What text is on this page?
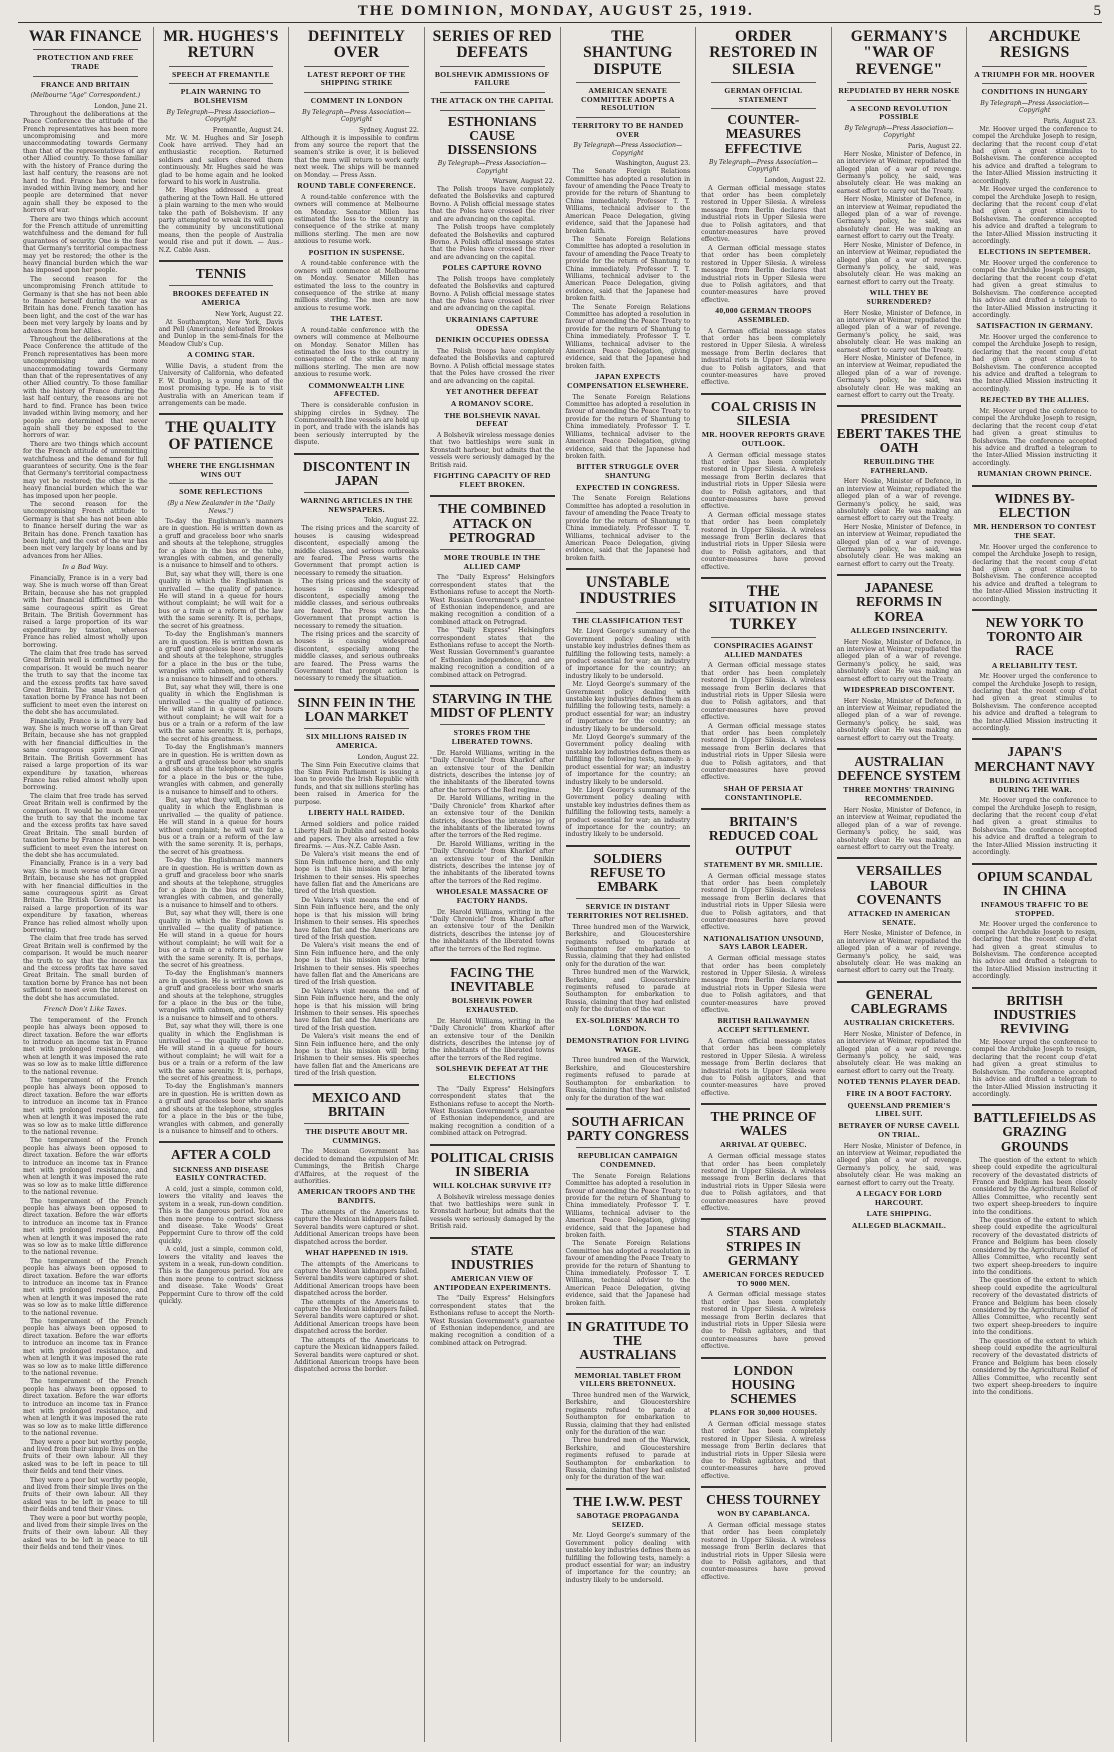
THE DOMINION, MONDAY, AUGUST 25, 1919.	5
WAR FINANCE
PROTECTION AND FREE TRADE
FRANCE AND BRITAIN
(Melbourne "Age" Correspondent.)
London, June 21.

Throughout the deliberations at the Peace Conference the attitude of the French representatives has been more uncompromising and more unaccommodating towards Germany than that of the representatives of any other Allied country. To those familiar with the history of France during the last half century, the reasons are not hard to find. France has been twice invaded within living memory, and her people are determined that never again shall they be exposed to the horrors of war.

There are two things which account for the French attitude of unremitting watchfulness and the demand for full guarantees of security. One is the fear that Germany's territorial compactness may yet be restored; the other is the heavy financial burden which the war has imposed upon her people.

The second reason for the uncompromising French attitude to Germany is that she has not been able to finance herself during the war as Britain has done. French taxation has been light, and the cost of the war has been met very largely by loans and by advances from her Allies.

Throughout the deliberations at the Peace Conference the attitude of the French representatives has been more uncompromising and more unaccommodating towards Germany than that of the representatives of any other Allied country. To those familiar with the history of France during the last half century, the reasons are not hard to find. France has been twice invaded within living memory, and her people are determined that never again shall they be exposed to the horrors of war.

There are two things which account for the French attitude of unremitting watchfulness and the demand for full guarantees of security. One is the fear that Germany's territorial compactness may yet be restored; the other is the heavy financial burden which the war has imposed upon her people.

The second reason for the uncompromising French attitude to Germany is that she has not been able to finance herself during the war as Britain has done. French taxation has been light, and the cost of the war has been met very largely by loans and by advances from her Allies.

In a Bad Way.

Financially, France is in a very bad way. She is much worse off than Great Britain, because she has not grappled with her financial difficulties in the same courageous spirit as Great Britain. The British Government has raised a large proportion of its war expenditure by taxation, whereas France has relied almost wholly upon borrowing.

The claim that free trade has served Great Britain well is confirmed by the comparison. It would be much nearer the truth to say that the income tax and the excess profits tax have saved Great Britain. The small burden of taxation borne by France has not been sufficient to meet even the interest on the debt she has accumulated.

Financially, France is in a very bad way. She is much worse off than Great Britain, because she has not grappled with her financial difficulties in the same courageous spirit as Great Britain. The British Government has raised a large proportion of its war expenditure by taxation, whereas France has relied almost wholly upon borrowing.

The claim that free trade has served Great Britain well is confirmed by the comparison. It would be much nearer the truth to say that the income tax and the excess profits tax have saved Great Britain. The small burden of taxation borne by France has not been sufficient to meet even the interest on the debt she has accumulated.

Financially, France is in a very bad way. She is much worse off than Great Britain, because she has not grappled with her financial difficulties in the same courageous spirit as Great Britain. The British Government has raised a large proportion of its war expenditure by taxation, whereas France has relied almost wholly upon borrowing.

The claim that free trade has served Great Britain well is confirmed by the comparison. It would be much nearer the truth to say that the income tax and the excess profits tax have saved Great Britain. The small burden of taxation borne by France has not been sufficient to meet even the interest on the debt she has accumulated.

French Don't Like Taxes.

The temperament of the French people has always been opposed to direct taxation. Before the war efforts to introduce an income tax in France met with prolonged resistance, and when at length it was imposed the rate was so low as to make little difference to the national revenue.

The temperament of the French people has always been opposed to direct taxation. Before the war efforts to introduce an income tax in France met with prolonged resistance, and when at length it was imposed the rate was so low as to make little difference to the national revenue.

The temperament of the French people has always been opposed to direct taxation. Before the war efforts to introduce an income tax in France met with prolonged resistance, and when at length it was imposed the rate was so low as to make little difference to the national revenue.

The temperament of the French people has always been opposed to direct taxation. Before the war efforts to introduce an income tax in France met with prolonged resistance, and when at length it was imposed the rate was so low as to make little difference to the national revenue.

The temperament of the French people has always been opposed to direct taxation. Before the war efforts to introduce an income tax in France met with prolonged resistance, and when at length it was imposed the rate was so low as to make little difference to the national revenue.

The temperament of the French people has always been opposed to direct taxation. Before the war efforts to introduce an income tax in France met with prolonged resistance, and when at length it was imposed the rate was so low as to make little difference to the national revenue.

The temperament of the French people has always been opposed to direct taxation. Before the war efforts to introduce an income tax in France met with prolonged resistance, and when at length it was imposed the rate was so low as to make little difference to the national revenue.

They were a poor but worthy people, and lived from their simple lives on the fruits of their own labour. All they asked was to be left in peace to till their fields and tend their vines.

They were a poor but worthy people, and lived from their simple lives on the fruits of their own labour. All they asked was to be left in peace to till their fields and tend their vines.

They were a poor but worthy people, and lived from their simple lives on the fruits of their own labour. All they asked was to be left in peace to till their fields and tend their vines.

MR. HUGHES'S RETURN
SPEECH AT FREMANTLE
PLAIN WARNING TO BOLSHEVISM
By Telegraph—Press Association—Copyright
Fremantle, August 24.

Mr. W. M. Hughes and Sir Joseph Cook have arrived. They had an enthusiastic reception. Returned soldiers and sailors cheered them continuously. Mr. Hughes said he was glad to be home again and he looked forward to his work in Australia.

Mr. Hughes addressed a great gathering at the Town Hall. He uttered a plain warning to the men who would take the path of Bolshevism. If any party attempted to wreak its will upon the community by unconstitutional means, then the people of Australia would rise and put it down. — Aus.-N.Z. Cable Assn.

TENNIS
BROOKES DEFEATED IN AMERICA
New York, August 22.

At Southampton, New York, Davis and Pell (Americans) defeated Brookes and Dunlop in the semi-finals for the Meadow Club's Cup.

A COMING STAR.

Willie Davis, a student from the University of California, who defeated F. W. Dunlop, is a young man of the most promising type. He is to visit Australia with an American team if arrangements can be made.

THE QUALITY OF PATIENCE
WHERE THE ENGLISHMAN WINS OUT
SOME REFLECTIONS
(By a New Zealander in the "Daily News.")

To-day the Englishman's manners are in question. He is written down as a gruff and graceless boor who snarls and shouts at the telephone, struggles for a place in the bus or the tube, wrangles with cabmen, and generally is a nuisance to himself and to others.

But, say what they will, there is one quality in which the Englishman is unrivalled — the quality of patience. He will stand in a queue for hours without complaint; he will wait for a bus or a train or a reform of the law with the same serenity. It is, perhaps, the secret of his greatness.

To-day the Englishman's manners are in question. He is written down as a gruff and graceless boor who snarls and shouts at the telephone, struggles for a place in the bus or the tube, wrangles with cabmen, and generally is a nuisance to himself and to others.

But, say what they will, there is one quality in which the Englishman is unrivalled — the quality of patience. He will stand in a queue for hours without complaint; he will wait for a bus or a train or a reform of the law with the same serenity. It is, perhaps, the secret of his greatness.

To-day the Englishman's manners are in question. He is written down as a gruff and graceless boor who snarls and shouts at the telephone, struggles for a place in the bus or the tube, wrangles with cabmen, and generally is a nuisance to himself and to others.

But, say what they will, there is one quality in which the Englishman is unrivalled — the quality of patience. He will stand in a queue for hours without complaint; he will wait for a bus or a train or a reform of the law with the same serenity. It is, perhaps, the secret of his greatness.

To-day the Englishman's manners are in question. He is written down as a gruff and graceless boor who snarls and shouts at the telephone, struggles for a place in the bus or the tube, wrangles with cabmen, and generally is a nuisance to himself and to others.

But, say what they will, there is one quality in which the Englishman is unrivalled — the quality of patience. He will stand in a queue for hours without complaint; he will wait for a bus or a train or a reform of the law with the same serenity. It is, perhaps, the secret of his greatness.

To-day the Englishman's manners are in question. He is written down as a gruff and graceless boor who snarls and shouts at the telephone, struggles for a place in the bus or the tube, wrangles with cabmen, and generally is a nuisance to himself and to others.

But, say what they will, there is one quality in which the Englishman is unrivalled — the quality of patience. He will stand in a queue for hours without complaint; he will wait for a bus or a train or a reform of the law with the same serenity. It is, perhaps, the secret of his greatness.

To-day the Englishman's manners are in question. He is written down as a gruff and graceless boor who snarls and shouts at the telephone, struggles for a place in the bus or the tube, wrangles with cabmen, and generally is a nuisance to himself and to others.

AFTER A COLD
SICKNESS AND DISEASE EASILY CONTRACTED.

A cold, just a simple, common cold, lowers the vitality and leaves the system in a weak, run-down condition. This is the dangerous period. You are then more prone to contract sickness and disease. Take Woods' Great Peppermint Cure to throw off the cold quickly.

A cold, just a simple, common cold, lowers the vitality and leaves the system in a weak, run-down condition. This is the dangerous period. You are then more prone to contract sickness and disease. Take Woods' Great Peppermint Cure to throw off the cold quickly.

DEFINITELY OVER
LATEST REPORT OF THE SHIPPING STRIKE
COMMENT IN LONDON
By Telegraph—Press Association—Copyright
Sydney, August 22.

Although it is impossible to confirm from any source the report that the seamen's strike is over, it is believed that the men will return to work early next week. The ships will be manned on Monday. — Press Assn.

ROUND TABLE CONFERENCE.

A round-table conference with the owners will commence at Melbourne on Monday. Senator Millen has estimated the loss to the country in consequence of the strike at many millions sterling. The men are now anxious to resume work.

POSITION IN SUSPENSE.

A round-table conference with the owners will commence at Melbourne on Monday. Senator Millen has estimated the loss to the country in consequence of the strike at many millions sterling. The men are now anxious to resume work.

THE LATEST.

A round-table conference with the owners will commence at Melbourne on Monday. Senator Millen has estimated the loss to the country in consequence of the strike at many millions sterling. The men are now anxious to resume work.

COMMONWEALTH LINE AFFECTED.

There is considerable confusion in shipping circles in Sydney. The Commonwealth line vessels are held up in port, and trade with the islands has been seriously interrupted by the dispute.

DISCONTENT IN JAPAN
WARNING ARTICLES IN THE NEWSPAPERS.
Tokio, August 22.

The rising prices and the scarcity of houses is causing widespread discontent, especially among the middle classes, and serious outbreaks are feared. The Press warns the Government that prompt action is necessary to remedy the situation.

The rising prices and the scarcity of houses is causing widespread discontent, especially among the middle classes, and serious outbreaks are feared. The Press warns the Government that prompt action is necessary to remedy the situation.

The rising prices and the scarcity of houses is causing widespread discontent, especially among the middle classes, and serious outbreaks are feared. The Press warns the Government that prompt action is necessary to remedy the situation.

SINN FEIN IN THE LOAN MARKET
SIX MILLIONS RAISED IN AMERICA.
London, August 22.

The Sinn Fein Executive claims that the Sinn Fein Parliament is issuing a loan to provide the Irish Republic with funds, and that six millions sterling has been raised in America for the purpose.

LIBERTY HALL RAIDED.

Armed soldiers and police raided Liberty Hall in Dublin and seized books and papers. They also arrested a few firearms. — Aus.-N.Z. Cable Assn.

De Valera's visit means the end of Sinn Fein influence here, and the only hope is that his mission will bring Irishmen to their senses. His speeches have fallen flat and the Americans are tired of the Irish question.

De Valera's visit means the end of Sinn Fein influence here, and the only hope is that his mission will bring Irishmen to their senses. His speeches have fallen flat and the Americans are tired of the Irish question.

De Valera's visit means the end of Sinn Fein influence here, and the only hope is that his mission will bring Irishmen to their senses. His speeches have fallen flat and the Americans are tired of the Irish question.

De Valera's visit means the end of Sinn Fein influence here, and the only hope is that his mission will bring Irishmen to their senses. His speeches have fallen flat and the Americans are tired of the Irish question.

De Valera's visit means the end of Sinn Fein influence here, and the only hope is that his mission will bring Irishmen to their senses. His speeches have fallen flat and the Americans are tired of the Irish question.

MEXICO AND BRITAIN
THE DISPUTE ABOUT MR. CUMMINGS.

The Mexican Government has decided to demand the expulsion of Mr. Cummings, the British Charge d'Affaires, at the request of the authorities.

AMERICAN TROOPS AND THE BANDITS.

The attempts of the Americans to capture the Mexican kidnappers failed. Several bandits were captured or shot. Additional American troops have been dispatched across the border.

WHAT HAPPENED IN 1919.

The attempts of the Americans to capture the Mexican kidnappers failed. Several bandits were captured or shot. Additional American troops have been dispatched across the border.

The attempts of the Americans to capture the Mexican kidnappers failed. Several bandits were captured or shot. Additional American troops have been dispatched across the border.

The attempts of the Americans to capture the Mexican kidnappers failed. Several bandits were captured or shot. Additional American troops have been dispatched across the border.

SERIES OF RED DEFEATS
BOLSHEVIK ADMISSIONS OF FAILURE
THE ATTACK ON THE CAPITAL
ESTHONIANS CAUSE DISSENSIONS
By Telegraph—Press Association—Copyright
Warsaw, August 22.

The Polish troops have completely defeated the Bolsheviks and captured Bovno. A Polish official message states that the Poles have crossed the river and are advancing on the capital.

The Polish troops have completely defeated the Bolsheviks and captured Bovno. A Polish official message states that the Poles have crossed the river and are advancing on the capital.

POLES CAPTURE ROVNO

The Polish troops have completely defeated the Bolsheviks and captured Bovno. A Polish official message states that the Poles have crossed the river and are advancing on the capital.

UKRAINIANS CAPTURE ODESSA
DENIKIN OCCUPIES ODESSA

The Polish troops have completely defeated the Bolsheviks and captured Bovno. A Polish official message states that the Poles have crossed the river and are advancing on the capital.

YET ANOTHER DEFEAT
A ROMANOV SCORE.
THE BOLSHEVIK NAVAL DEFEAT

A Bolshevik wireless message denies that two battleships were sunk in Kronstadt harbour, but admits that the vessels were seriously damaged by the British raid.

FIGHTING CAPACITY OF RED FLEET BROKEN.
THE COMBINED ATTACK ON PETROGRAD
MORE TROUBLE IN THE ALLIED CAMP

The "Daily Express" Helsingfors correspondent states that the Esthonians refuse to accept the North-West Russian Government's guarantee of Esthonian independence, and are making recognition a condition of a combined attack on Petrograd.

The "Daily Express" Helsingfors correspondent states that the Esthonians refuse to accept the North-West Russian Government's guarantee of Esthonian independence, and are making recognition a condition of a combined attack on Petrograd.

STARVING IN THE MIDST OF PLENTY
STORES FROM THE LIBERATED TOWNS.

Dr. Harold Williams, writing in the "Daily Chronicle" from Kharkof after an extensive tour of the Denikin districts, describes the intense joy of the inhabitants of the liberated towns after the terrors of the Red regime.

Dr. Harold Williams, writing in the "Daily Chronicle" from Kharkof after an extensive tour of the Denikin districts, describes the intense joy of the inhabitants of the liberated towns after the terrors of the Red regime.

Dr. Harold Williams, writing in the "Daily Chronicle" from Kharkof after an extensive tour of the Denikin districts, describes the intense joy of the inhabitants of the liberated towns after the terrors of the Red regime.

WHOLESALE MASSACRE OF FACTORY HANDS.

Dr. Harold Williams, writing in the "Daily Chronicle" from Kharkof after an extensive tour of the Denikin districts, describes the intense joy of the inhabitants of the liberated towns after the terrors of the Red regime.

FACING THE INEVITABLE
BOLSHEVIK POWER EXHAUSTED.

Dr. Harold Williams, writing in the "Daily Chronicle" from Kharkof after an extensive tour of the Denikin districts, describes the intense joy of the inhabitants of the liberated towns after the terrors of the Red regime.

SOLSHEVIK DEFEAT AT THE ELECTIONS

The "Daily Express" Helsingfors correspondent states that the Esthonians refuse to accept the North-West Russian Government's guarantee of Esthonian independence, and are making recognition a condition of a combined attack on Petrograd.

POLITICAL CRISIS IN SIBERIA
WILL KOLCHAK SURVIVE IT?

A Bolshevik wireless message denies that two battleships were sunk in Kronstadt harbour, but admits that the vessels were seriously damaged by the British raid.

STATE INDUSTRIES
AMERICAN VIEW OF ANTIPODEAN EXPERIMENTS.

The "Daily Express" Helsingfors correspondent states that the Esthonians refuse to accept the North-West Russian Government's guarantee of Esthonian independence, and are making recognition a condition of a combined attack on Petrograd.

THE SHANTUNG DISPUTE
AMERICAN SENATE COMMITTEE ADOPTS A RESOLUTION
TERRITORY TO BE HANDED OVER
By Telegraph—Press Association—Copyright
Washington, August 23.

The Senate Foreign Relations Committee has adopted a resolution in favour of amending the Peace Treaty to provide for the return of Shantung to China immediately. Professor T. T. Williams, technical adviser to the American Peace Delegation, giving evidence, said that the Japanese had broken faith.

The Senate Foreign Relations Committee has adopted a resolution in favour of amending the Peace Treaty to provide for the return of Shantung to China immediately. Professor T. T. Williams, technical adviser to the American Peace Delegation, giving evidence, said that the Japanese had broken faith.

The Senate Foreign Relations Committee has adopted a resolution in favour of amending the Peace Treaty to provide for the return of Shantung to China immediately. Professor T. T. Williams, technical adviser to the American Peace Delegation, giving evidence, said that the Japanese had broken faith.

JAPAN EXPECTS COMPENSATION ELSEWHERE.

The Senate Foreign Relations Committee has adopted a resolution in favour of amending the Peace Treaty to provide for the return of Shantung to China immediately. Professor T. T. Williams, technical adviser to the American Peace Delegation, giving evidence, said that the Japanese had broken faith.

BITTER STRUGGLE OVER SHANTUNG
EXPECTED IN CONGRESS.

The Senate Foreign Relations Committee has adopted a resolution in favour of amending the Peace Treaty to provide for the return of Shantung to China immediately. Professor T. T. Williams, technical adviser to the American Peace Delegation, giving evidence, said that the Japanese had broken faith.

UNSTABLE INDUSTRIES
THE CLASSIFICATION TEST

Mr. Lloyd George's summary of the Government policy dealing with unstable key industries defines them as fulfilling the following tests, namely: a product essential for war; an industry of importance for the country; an industry likely to be undersold.

Mr. Lloyd George's summary of the Government policy dealing with unstable key industries defines them as fulfilling the following tests, namely: a product essential for war; an industry of importance for the country; an industry likely to be undersold.

Mr. Lloyd George's summary of the Government policy dealing with unstable key industries defines them as fulfilling the following tests, namely: a product essential for war; an industry of importance for the country; an industry likely to be undersold.

Mr. Lloyd George's summary of the Government policy dealing with unstable key industries defines them as fulfilling the following tests, namely: a product essential for war; an industry of importance for the country; an industry likely to be undersold.

SOLDIERS REFUSE TO EMBARK
SERVICE IN DISTANT TERRITORIES NOT RELISHED.

Three hundred men of the Warwick, Berkshire, and Gloucestershire regiments refused to parade at Southampton for embarkation to Russia, claiming that they had enlisted only for the duration of the war.

Three hundred men of the Warwick, Berkshire, and Gloucestershire regiments refused to parade at Southampton for embarkation to Russia, claiming that they had enlisted only for the duration of the war.

EX-SOLDIERS' MARCH TO LONDON.
DEMONSTRATION FOR LIVING WAGE.

Three hundred men of the Warwick, Berkshire, and Gloucestershire regiments refused to parade at Southampton for embarkation to Russia, claiming that they had enlisted only for the duration of the war.

SOUTH AFRICAN PARTY CONGRESS
REPUBLICAN CAMPAIGN CONDEMNED.

The Senate Foreign Relations Committee has adopted a resolution in favour of amending the Peace Treaty to provide for the return of Shantung to China immediately. Professor T. T. Williams, technical adviser to the American Peace Delegation, giving evidence, said that the Japanese had broken faith.

The Senate Foreign Relations Committee has adopted a resolution in favour of amending the Peace Treaty to provide for the return of Shantung to China immediately. Professor T. T. Williams, technical adviser to the American Peace Delegation, giving evidence, said that the Japanese had broken faith.

IN GRATITUDE TO THE AUSTRALIANS
MEMORIAL TABLET FROM VILLERS BRETONNEUX.

Three hundred men of the Warwick, Berkshire, and Gloucestershire regiments refused to parade at Southampton for embarkation to Russia, claiming that they had enlisted only for the duration of the war.

Three hundred men of the Warwick, Berkshire, and Gloucestershire regiments refused to parade at Southampton for embarkation to Russia, claiming that they had enlisted only for the duration of the war.

THE I.W.W. PEST
SABOTAGE PROPAGANDA SEIZED.

Mr. Lloyd George's summary of the Government policy dealing with unstable key industries defines them as fulfilling the following tests, namely: a product essential for war; an industry of importance for the country; an industry likely to be undersold.

ORDER RESTORED IN SILESIA
GERMAN OFFICIAL STATEMENT
COUNTER-MEASURES EFFECTIVE
By Telegraph—Press Association—Copyright
London, August 22.

A German official message states that order has been completely restored in Upper Silesia. A wireless message from Berlin declares that industrial riots in Upper Silesia were due to Polish agitators, and that counter-measures have proved effective.

A German official message states that order has been completely restored in Upper Silesia. A wireless message from Berlin declares that industrial riots in Upper Silesia were due to Polish agitators, and that counter-measures have proved effective.

40,000 GERMAN TROOPS ASSEMBLED.

A German official message states that order has been completely restored in Upper Silesia. A wireless message from Berlin declares that industrial riots in Upper Silesia were due to Polish agitators, and that counter-measures have proved effective.

COAL CRISIS IN SILESIA
MR. HOOVER REPORTS GRAVE OUTLOOK.

A German official message states that order has been completely restored in Upper Silesia. A wireless message from Berlin declares that industrial riots in Upper Silesia were due to Polish agitators, and that counter-measures have proved effective.

A German official message states that order has been completely restored in Upper Silesia. A wireless message from Berlin declares that industrial riots in Upper Silesia were due to Polish agitators, and that counter-measures have proved effective.

THE SITUATION IN TURKEY
CONSPIRACIES AGAINST ALLIED MANDATES

A German official message states that order has been completely restored in Upper Silesia. A wireless message from Berlin declares that industrial riots in Upper Silesia were due to Polish agitators, and that counter-measures have proved effective.

A German official message states that order has been completely restored in Upper Silesia. A wireless message from Berlin declares that industrial riots in Upper Silesia were due to Polish agitators, and that counter-measures have proved effective.

SHAH OF PERSIA AT CONSTANTINOPLE.
BRITAIN'S REDUCED COAL OUTPUT
STATEMENT BY MR. SMILLIE.

A German official message states that order has been completely restored in Upper Silesia. A wireless message from Berlin declares that industrial riots in Upper Silesia were due to Polish agitators, and that counter-measures have proved effective.

NATIONALISATION UNSOUND, SAYS LABOR LEADER.

A German official message states that order has been completely restored in Upper Silesia. A wireless message from Berlin declares that industrial riots in Upper Silesia were due to Polish agitators, and that counter-measures have proved effective.

BRITISH RAILWAYMEN ACCEPT SETTLEMENT.

A German official message states that order has been completely restored in Upper Silesia. A wireless message from Berlin declares that industrial riots in Upper Silesia were due to Polish agitators, and that counter-measures have proved effective.

THE PRINCE OF WALES
ARRIVAL AT QUEBEC.

A German official message states that order has been completely restored in Upper Silesia. A wireless message from Berlin declares that industrial riots in Upper Silesia were due to Polish agitators, and that counter-measures have proved effective.

STARS AND STRIPES IN GERMANY
AMERICAN FORCES REDUCED TO 9000 MEN.

A German official message states that order has been completely restored in Upper Silesia. A wireless message from Berlin declares that industrial riots in Upper Silesia were due to Polish agitators, and that counter-measures have proved effective.

LONDON HOUSING SCHEMES
PLANS FOR 30,000 HOUSES.

A German official message states that order has been completely restored in Upper Silesia. A wireless message from Berlin declares that industrial riots in Upper Silesia were due to Polish agitators, and that counter-measures have proved effective.

CHESS TOURNEY
WON BY CAPABLANCA.

A German official message states that order has been completely restored in Upper Silesia. A wireless message from Berlin declares that industrial riots in Upper Silesia were due to Polish agitators, and that counter-measures have proved effective.

GERMANY'S "WAR OF REVENGE"
REPUDIATED BY HERR NOSKE
A SECOND REVOLUTION POSSIBLE
By Telegraph—Press Association—Copyright
Paris, August 22.

Herr Noske, Minister of Defence, in an interview at Weimar, repudiated the alleged plan of a war of revenge. Germany's policy, he said, was absolutely clear. He was making an earnest effort to carry out the Treaty.

Herr Noske, Minister of Defence, in an interview at Weimar, repudiated the alleged plan of a war of revenge. Germany's policy, he said, was absolutely clear. He was making an earnest effort to carry out the Treaty.

Herr Noske, Minister of Defence, in an interview at Weimar, repudiated the alleged plan of a war of revenge. Germany's policy, he said, was absolutely clear. He was making an earnest effort to carry out the Treaty.

WILL THEY BE SURRENDERED?

Herr Noske, Minister of Defence, in an interview at Weimar, repudiated the alleged plan of a war of revenge. Germany's policy, he said, was absolutely clear. He was making an earnest effort to carry out the Treaty.

Herr Noske, Minister of Defence, in an interview at Weimar, repudiated the alleged plan of a war of revenge. Germany's policy, he said, was absolutely clear. He was making an earnest effort to carry out the Treaty.

PRESIDENT EBERT TAKES THE OATH
REBUILDING THE FATHERLAND.

Herr Noske, Minister of Defence, in an interview at Weimar, repudiated the alleged plan of a war of revenge. Germany's policy, he said, was absolutely clear. He was making an earnest effort to carry out the Treaty.

Herr Noske, Minister of Defence, in an interview at Weimar, repudiated the alleged plan of a war of revenge. Germany's policy, he said, was absolutely clear. He was making an earnest effort to carry out the Treaty.

JAPANESE REFORMS IN KOREA
ALLEGED INSINCERITY.

Herr Noske, Minister of Defence, in an interview at Weimar, repudiated the alleged plan of a war of revenge. Germany's policy, he said, was absolutely clear. He was making an earnest effort to carry out the Treaty.

WIDESPREAD DISCONTENT.

Herr Noske, Minister of Defence, in an interview at Weimar, repudiated the alleged plan of a war of revenge. Germany's policy, he said, was absolutely clear. He was making an earnest effort to carry out the Treaty.

AUSTRALIAN DEFENCE SYSTEM
THREE MONTHS' TRAINING RECOMMENDED.

Herr Noske, Minister of Defence, in an interview at Weimar, repudiated the alleged plan of a war of revenge. Germany's policy, he said, was absolutely clear. He was making an earnest effort to carry out the Treaty.

VERSAILLES LABOUR COVENANTS
ATTACKED IN AMERICAN SENATE.

Herr Noske, Minister of Defence, in an interview at Weimar, repudiated the alleged plan of a war of revenge. Germany's policy, he said, was absolutely clear. He was making an earnest effort to carry out the Treaty.

GENERAL CABLEGRAMS
AUSTRALIAN CRICKETERS.

Herr Noske, Minister of Defence, in an interview at Weimar, repudiated the alleged plan of a war of revenge. Germany's policy, he said, was absolutely clear. He was making an earnest effort to carry out the Treaty.

NOTED TENNIS PLAYER DEAD.
FIRE IN A BOOT FACTORY.
QUEENSLAND PREMIER'S LIBEL SUIT.
BETRAYER OF NURSE CAVELL ON TRIAL.

Herr Noske, Minister of Defence, in an interview at Weimar, repudiated the alleged plan of a war of revenge. Germany's policy, he said, was absolutely clear. He was making an earnest effort to carry out the Treaty.

A LEGACY FOR LORD HARCOURT.
LATE SHIPPING.
ALLEGED BLACKMAIL.
ARCHDUKE RESIGNS
A TRIUMPH FOR MR. HOOVER
CONDITIONS IN HUNGARY
By Telegraph—Press Association—Copyright
Paris, August 23.

Mr. Hoover urged the conference to compel the Archduke Joseph to resign, declaring that the recent coup d'etat had given a great stimulus to Bolshevism. The conference accepted his advice and drafted a telegram to the Inter-Allied Mission instructing it accordingly.

Mr. Hoover urged the conference to compel the Archduke Joseph to resign, declaring that the recent coup d'etat had given a great stimulus to Bolshevism. The conference accepted his advice and drafted a telegram to the Inter-Allied Mission instructing it accordingly.

ELECTIONS IN SEPTEMBER.

Mr. Hoover urged the conference to compel the Archduke Joseph to resign, declaring that the recent coup d'etat had given a great stimulus to Bolshevism. The conference accepted his advice and drafted a telegram to the Inter-Allied Mission instructing it accordingly.

SATISFACTION IN GERMANY.

Mr. Hoover urged the conference to compel the Archduke Joseph to resign, declaring that the recent coup d'etat had given a great stimulus to Bolshevism. The conference accepted his advice and drafted a telegram to the Inter-Allied Mission instructing it accordingly.

REJECTED BY THE ALLIES.

Mr. Hoover urged the conference to compel the Archduke Joseph to resign, declaring that the recent coup d'etat had given a great stimulus to Bolshevism. The conference accepted his advice and drafted a telegram to the Inter-Allied Mission instructing it accordingly.

RUMANIAN CROWN PRINCE.
WIDNES BY-ELECTION
MR. HENDERSON TO CONTEST THE SEAT.

Mr. Hoover urged the conference to compel the Archduke Joseph to resign, declaring that the recent coup d'etat had given a great stimulus to Bolshevism. The conference accepted his advice and drafted a telegram to the Inter-Allied Mission instructing it accordingly.

NEW YORK TO TORONTO AIR RACE
A RELIABILITY TEST.

Mr. Hoover urged the conference to compel the Archduke Joseph to resign, declaring that the recent coup d'etat had given a great stimulus to Bolshevism. The conference accepted his advice and drafted a telegram to the Inter-Allied Mission instructing it accordingly.

JAPAN'S MERCHANT NAVY
BUILDING ACTIVITIES DURING THE WAR.

Mr. Hoover urged the conference to compel the Archduke Joseph to resign, declaring that the recent coup d'etat had given a great stimulus to Bolshevism. The conference accepted his advice and drafted a telegram to the Inter-Allied Mission instructing it accordingly.

OPIUM SCANDAL IN CHINA
INFAMOUS TRAFFIC TO BE STOPPED.

Mr. Hoover urged the conference to compel the Archduke Joseph to resign, declaring that the recent coup d'etat had given a great stimulus to Bolshevism. The conference accepted his advice and drafted a telegram to the Inter-Allied Mission instructing it accordingly.

BRITISH INDUSTRIES REVIVING

Mr. Hoover urged the conference to compel the Archduke Joseph to resign, declaring that the recent coup d'etat had given a great stimulus to Bolshevism. The conference accepted his advice and drafted a telegram to the Inter-Allied Mission instructing it accordingly.

BATTLEFIELDS AS GRAZING GROUNDS

The question of the extent to which sheep could expedite the agricultural recovery of the devastated districts of France and Belgium has been closely considered by the Agricultural Relief of Allies Committee, who recently sent two expert sheep-breeders to inquire into the conditions.

The question of the extent to which sheep could expedite the agricultural recovery of the devastated districts of France and Belgium has been closely considered by the Agricultural Relief of Allies Committee, who recently sent two expert sheep-breeders to inquire into the conditions.

The question of the extent to which sheep could expedite the agricultural recovery of the devastated districts of France and Belgium has been closely considered by the Agricultural Relief of Allies Committee, who recently sent two expert sheep-breeders to inquire into the conditions.

The question of the extent to which sheep could expedite the agricultural recovery of the devastated districts of France and Belgium has been closely considered by the Agricultural Relief of Allies Committee, who recently sent two expert sheep-breeders to inquire into the conditions.
